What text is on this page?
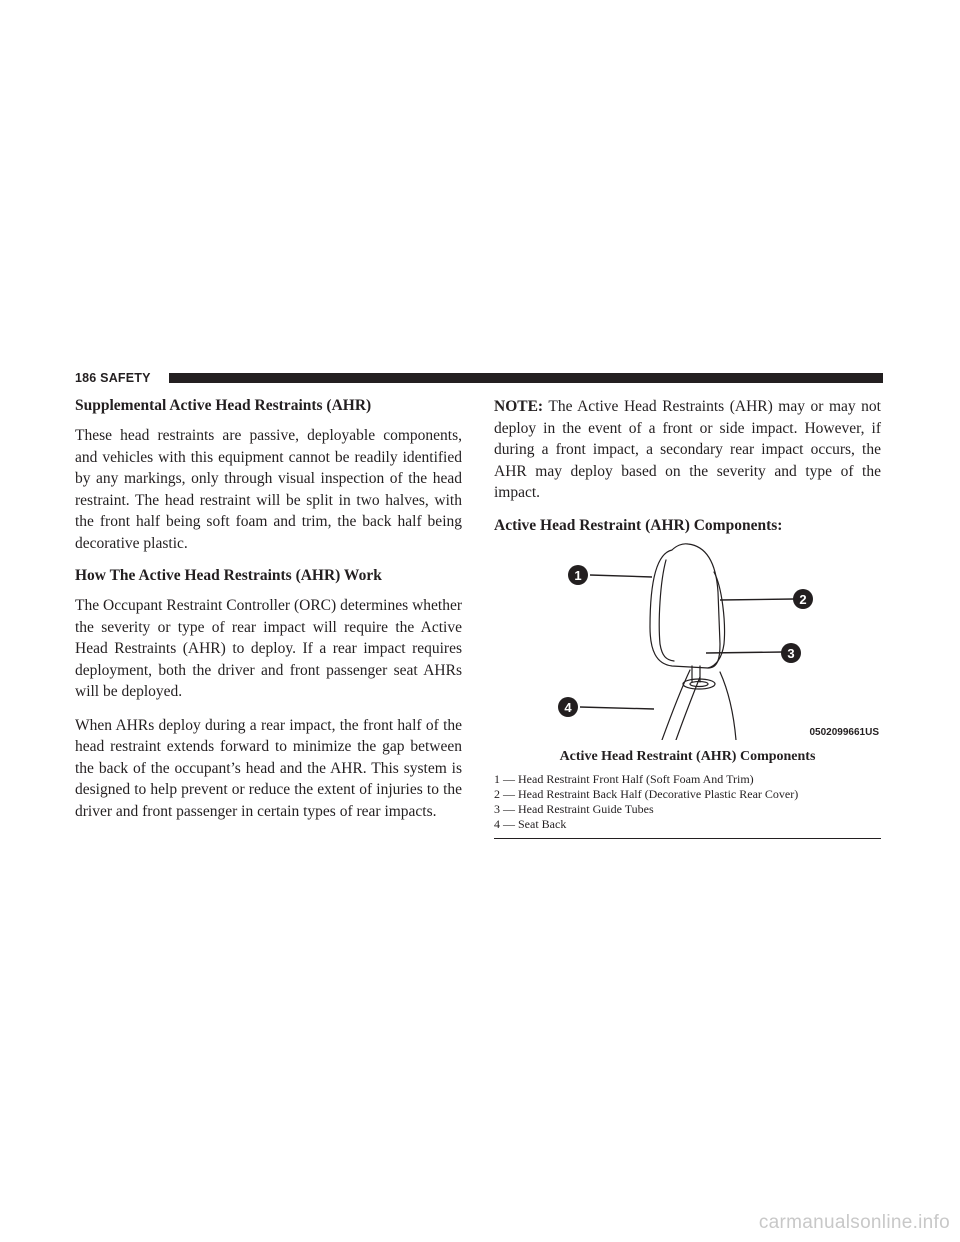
186 SAFETY
Supplemental Active Head Restraints (AHR)

These head restraints are passive, deployable components, and vehicles with this equipment cannot be readily identified by any markings, only through visual inspection of the head restraint. The head restraint will be split in two halves, with the front half being soft foam and trim, the back half being decorative plastic.

How The Active Head Restraints (AHR) Work

The Occupant Restraint Controller (ORC) determines whether the severity or type of rear impact will require the Active Head Restraints (AHR) to deploy. If a rear impact requires deployment, both the driver and front passenger seat AHRs will be deployed.

When AHRs deploy during a rear impact, the front half of the head restraint extends forward to minimize the gap between the back of the occupant’s head and the AHR. This system is designed to help prevent or reduce the extent of injuries to the driver and front passenger in certain types of rear impacts.

NOTE: The Active Head Restraints (AHR) may or may not deploy in the event of a front or side impact. However, if during a front impact, a secondary rear impact occurs, the AHR may deploy based on the severity and type of the impact.

Active Head Restraint (AHR) Components:
1
2
3
4
0502099661US
Active Head Restraint (AHR) Components
1 — Head Restraint Front Half (Soft Foam And Trim)
2 — Head Restraint Back Half (Decorative Plastic Rear Cover)
3 — Head Restraint Guide Tubes
4 — Seat Back
carmanualsonline.info
